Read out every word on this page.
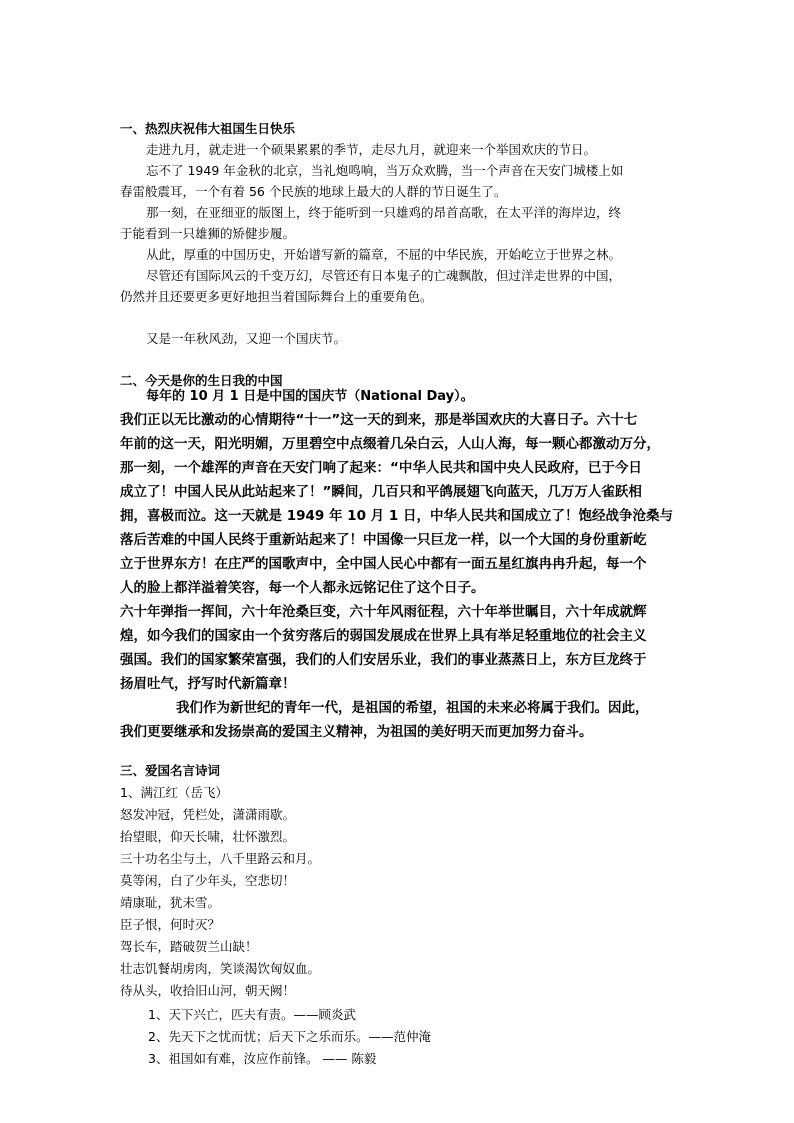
一、热烈庆祝伟大祖国生日快乐
走进九月，就走进一个硕果累累的季节，走尽九月，就迎来一个举国欢庆的节日。
忘不了 1949 年金秋的北京，当礼炮鸣响，当万众欢腾，当一个声音在天安门城楼上如
春雷般震耳，一个有着 56 个民族的地球上最大的人群的节日诞生了。
那一刻，在亚细亚的版图上，终于能听到一只雄鸡的昂首高歌，在太平洋的海岸边，终
于能看到一只雄狮的矫健步履。
从此，厚重的中国历史，开始谱写新的篇章，不屈的中华民族，开始屹立于世界之林。
尽管还有国际风云的千变万幻，尽管还有日本鬼子的亡魂飘散，但过洋走世界的中国，
仍然并且还要更多更好地担当着国际舞台上的重要角色。
又是一年秋风劲，又迎一个国庆节。
二、今天是你的生日我的中国
每年的 10 月 1 日是中国的国庆节（National Day）。
我们正以无比激动的心情期待“十一”这一天的到来，那是举国欢庆的大喜日子。六十七
年前的这一天，阳光明媚，万里碧空中点缀着几朵白云，人山人海，每一颗心都激动万分，
那一刻，一个雄浑的声音在天安门响了起来：“中华人民共和国中央人民政府，已于今日
成立了！中国人民从此站起来了！”瞬间，几百只和平鸽展翅飞向蓝天，几万万人雀跃相
拥，喜极而泣。这一天就是 1949 年 10 月 1 日，中华人民共和国成立了！饱经战争沧桑与
落后苦难的中国人民终于重新站起来了！中国像一只巨龙一样，以一个大国的身份重新屹
立于世界东方！在庄严的国歌声中，全中国人民心中都有一面五星红旗冉冉升起，每一个
人的脸上都洋溢着笑容，每一个人都永远铭记住了这个日子。
六十年弹指一挥间，六十年沧桑巨变，六十年风雨征程，六十年举世瞩目，六十年成就辉
煌，如今我们的国家由一个贫穷落后的弱国发展成在世界上具有举足轻重地位的社会主义
强国。我们的国家繁荣富强，我们的人们安居乐业，我们的事业蒸蒸日上，东方巨龙终于
扬眉吐气，抒写时代新篇章！
我们作为新世纪的青年一代，是祖国的希望，祖国的未来必将属于我们。因此，
我们更要继承和发扬崇高的爱国主义精神，为祖国的美好明天而更加努力奋斗。
三、爱国名言诗词
1、满江红（岳飞）
怒发冲冠，凭栏处，潇潇雨歇。
抬望眼，仰天长啸，壮怀激烈。
三十功名尘与土，八千里路云和月。
莫等闲，白了少年头，空悲切！
靖康耻，犹未雪。
臣子恨，何时灭？
驾长车，踏破贺兰山缺！
壮志饥餐胡虏肉，笑谈渴饮匈奴血。
待从头，收拾旧山河，朝天阙！
1、天下兴亡，匹夫有责。——顾炎武
2、先天下之忧而忧；后天下之乐而乐。——范仲淹
3、祖国如有难，汝应作前锋。 —— 陈毅
